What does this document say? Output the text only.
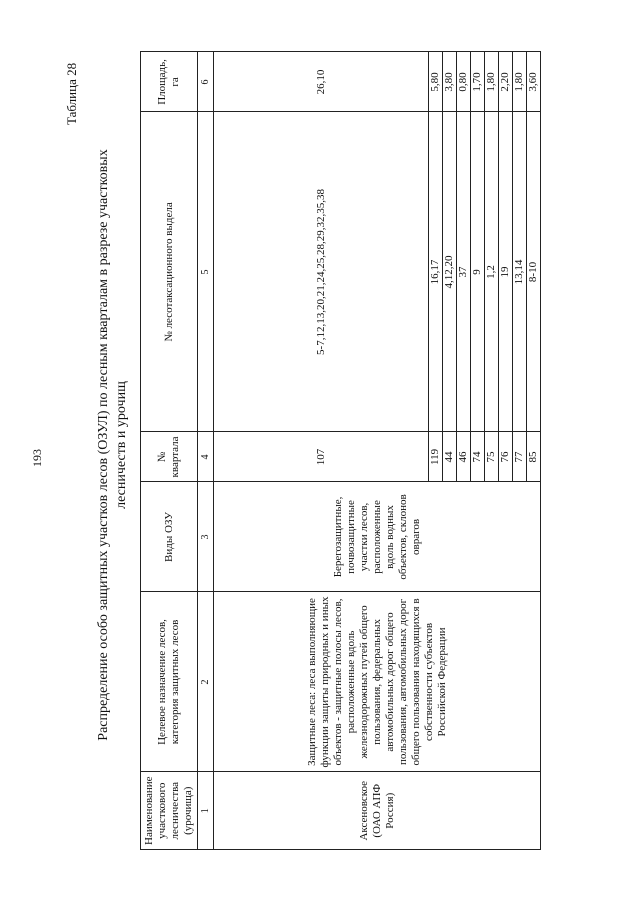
193
Таблица 28
Распределение особо защитных участков лесов (ОЗУЛ) по лесным кварталам в разрезе участковых лесничеств и урочищ
Наименование участкового лесничества (урочища)	Целевое назначение лесов, категория защитных лесов	Виды ОЗУ	№ квартала	№ лесотаксационного выдела	Площадь, га
1	2	3	4	5	6
Аксеновское (ОАО АПФ Россия)	Защитные леса: леса выполняющие функции защиты природных и иных объектов - защитные полосы лесов, расположенные вдоль железнодорожных путей общего пользования, федеральных автомобильных дорог общего пользования, автомобильных дорог общего пользования находящихся в собственности субъектов Российской Федерации	Берегозащитные, почвозащитные участки лесов, расположенные вдоль водных объектов, склонов оврагов	107	5-7,12,13,20,21,24,25,28,29,32,35,38	26,10
			119	16,17	5,80
			44	4,12,20	3,80
			46	37	0,80
			74	9	1,70
			75	1,2	1,80
			76	19	2,20
			77	13,14	1,80
			85	8-10	3,60
